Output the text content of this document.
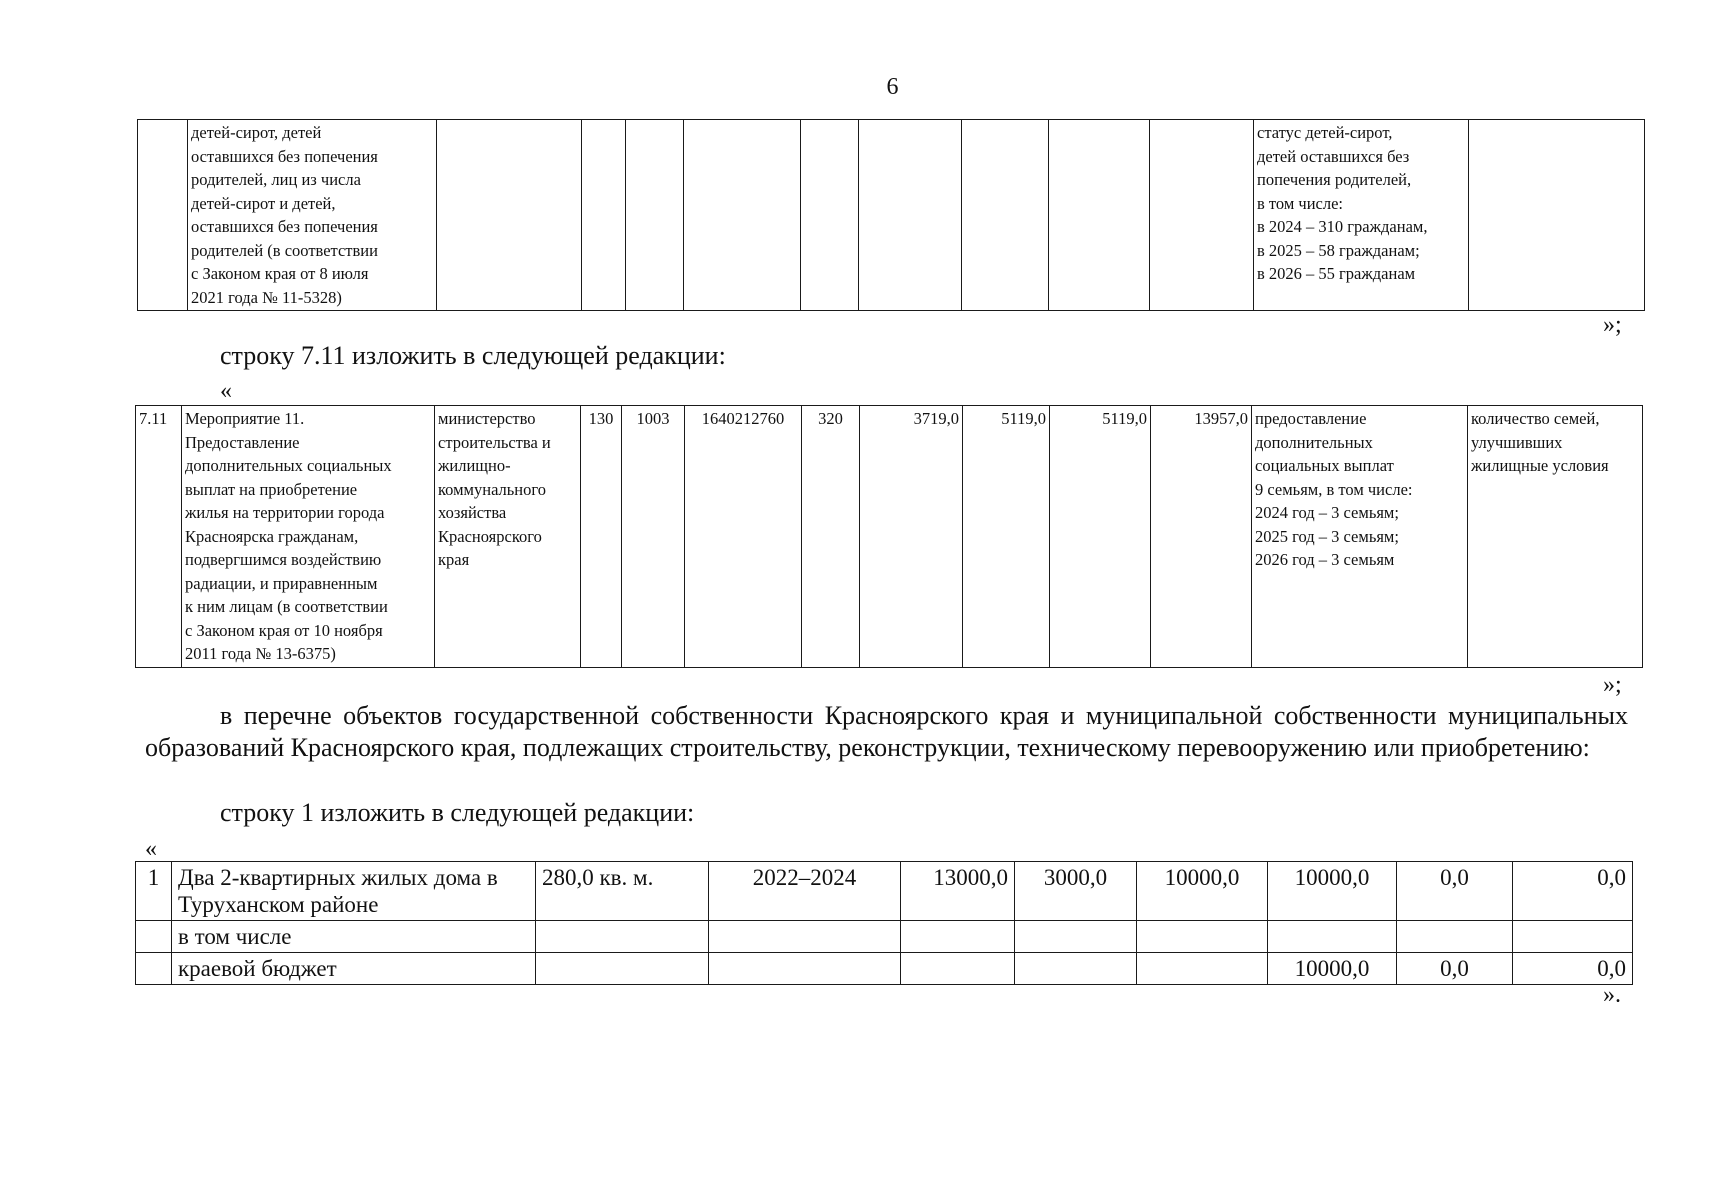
6
	детей-сирот, детей
оставшихся без попечения
родителей, лиц из числа
детей-сирот и детей,
оставшихся без попечения
родителей (в соответствии
с Законом края от 8 июля
2021 года № 11-5328)										статус детей-сирот,
детей оставшихся без
попечения родителей,
в том числе:
в 2024 – 310 гражданам,
в 2025 – 58 гражданам;
в 2026 – 55 гражданам	
»;
строку 7.11 изложить в следующей редакции:
«
7.11	Мероприятие 11.
Предоставление
дополнительных социальных
выплат на приобретение
жилья на территории города
Красноярска гражданам,
подвергшимся воздействию
радиации, и приравненным
к ним лицам (в соответствии
с Законом края от 10 ноября
2011 года № 13-6375)	министерство
строительства и
жилищно-
коммунального
хозяйства
Красноярского
края	130	1003	1640212760	320	3719,0	5119,0	5119,0	13957,0	предоставление
дополнительных
социальных выплат
9 семьям, в том числе:
2024 год – 3 семьям;
2025 год – 3 семьям;
2026 год – 3 семьям	количество семей,
улучшивших
жилищные условия
»;
в перечне объектов государственной собственности Красноярского края и муниципальной собственности муниципальных образований Красноярского края, подлежащих строительству, реконструкции, техническому перевооружению или приобретению:
строку 1 изложить в следующей редакции:
«
1	Два 2-квартирных жилых дома в Туруханском районе	280,0 кв. м.	2022–2024	13000,0	3000,0	10000,0	10000,0	0,0	0,0
	в том числе								
	краевой бюджет						10000,0	0,0	0,0
».
